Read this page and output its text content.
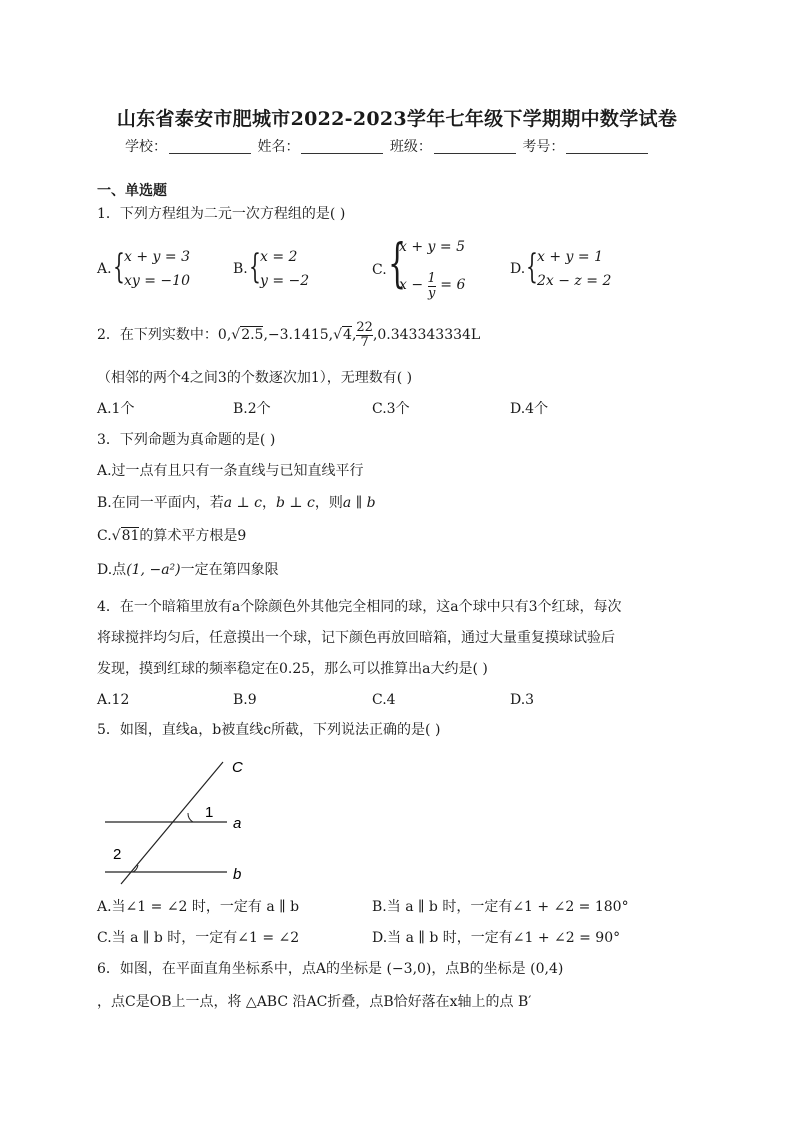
山东省泰安市肥城市2022-2023学年七年级下学期期中数学试卷
学校：	姓名：	班级：	考号：
一、单选题
1．下列方程组为二元一次方程组的是( )
A. { x + y = 3
xy = −10
B. { x = 2
y = −2
C. {
x + y = 5
$x - \frac{1}{y} = 6$
D. { x + y = 1
2x − z = 2
2．在下列实数中：0,√2.5,−3.1415,√4, $\frac{22}{7} ,0.343343334L$
（相邻的两个4之间3的个数逐次加1），无理数有( )
A.1个	B.2个	C.3个	D.4个
3．下列命题为真命题的是( )
A.过一点有且只有一条直线与已知直线平行
B.在同一平面内，若a ⊥ c，b ⊥ c，则a ∥ b
C.√81的算术平方根是9
D.点(1, −a²)一定在第四象限
4．在一个暗箱里放有a个除颜色外其他完全相同的球，这a个球中只有3个红球，每次
将球搅拌均匀后，任意摸出一个球，记下颜色再放回暗箱，通过大量重复摸球试验后
发现，摸到红球的频率稳定在0.25，那么可以推算出a大约是( )
A.12	B.9	C.4	D.3
5．如图，直线a，b被直线c所截，下列说法正确的是( )
C
1
a
2
b
A.当∠1 = ∠2 时，一定有 a ∥ b	B.当 a ∥ b 时，一定有∠1 + ∠2 = 180°
C.当 a ∥ b 时，一定有∠1 = ∠2	D.当 a ∥ b 时，一定有∠1 + ∠2 = 90°
6．如图，在平面直角坐标系中，点A的坐标是 (−3,0)，点B的坐标是 (0,4)
，点C是OB上一点，将 △ABC 沿AC折叠，点B恰好落在x轴上的点 B′
